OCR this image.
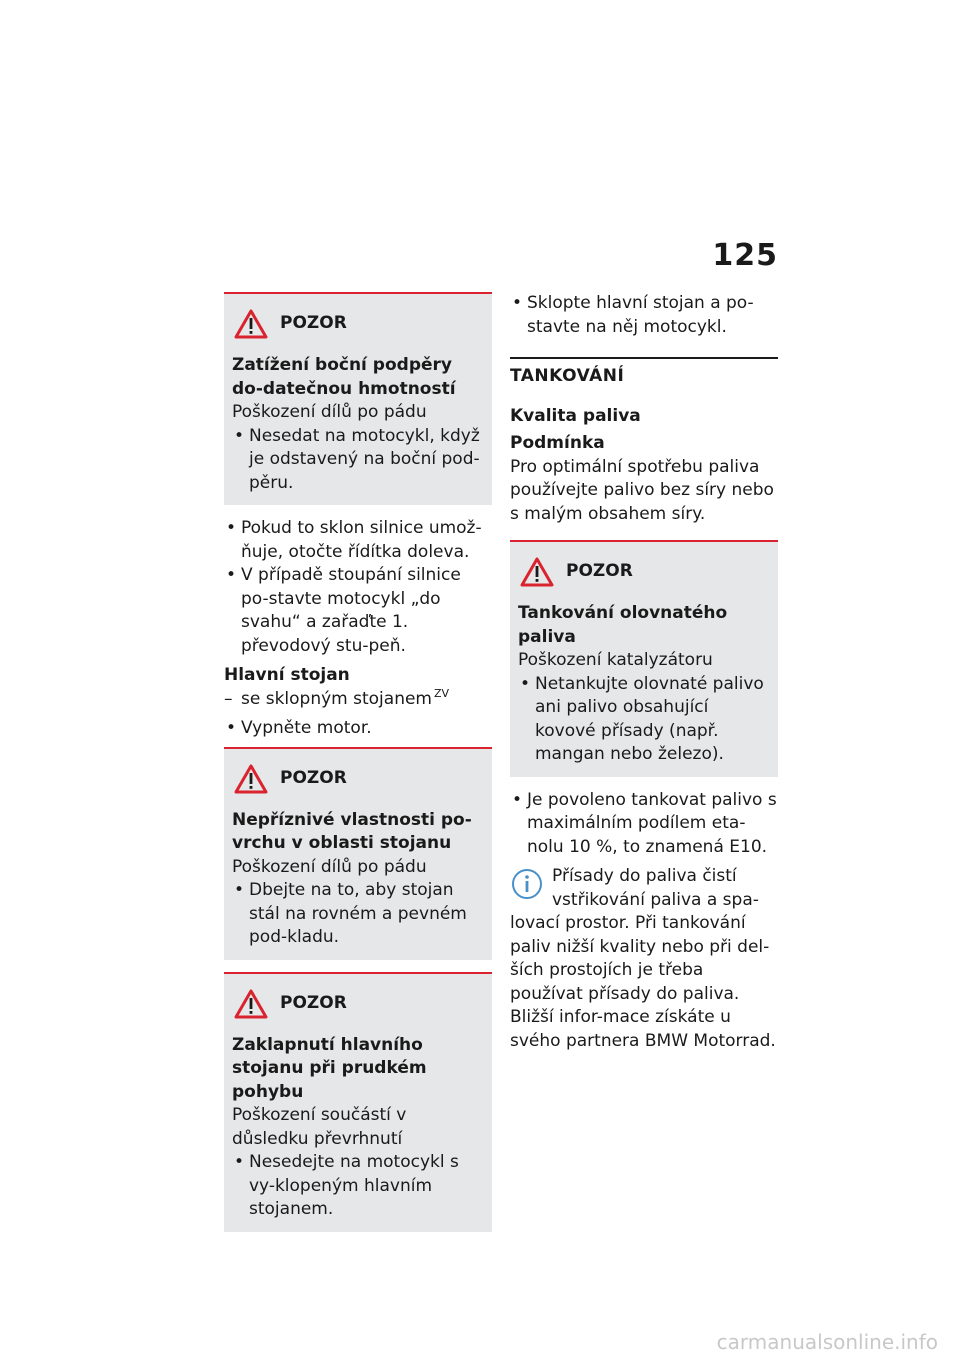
125
POZOR
Zatížení boční podpěry do-datečnou hmotností
Poškození dílů po pádu
• Nesedat na motocykl, když je odstavený na boční pod-pěru.
• Pokud to sklon silnice umož-ňuje, otočte řídítka doleva.
• V případě stoupání silnice po-stavte motocykl „do svahu“ a zařaďte 1. převodový stu-peň.
Hlavní stojan
– se sklopným stojanem $^{ZV}$
• Vypněte motor.
POZOR
Nepříznivé vlastnosti po-vrchu v oblasti stojanu
Poškození dílů po pádu
• Dbejte na to, aby stojan stál na rovném a pevném pod-kladu.
POZOR
Zaklapnutí hlavního stojanu při prudkém pohybu
Poškození součástí v důsledku převrhnutí
• Nesedejte na motocykl s vy-klopeným hlavním stojanem.
• Sklopte hlavní stojan a po-stavte na něj motocykl.
TANKOVÁNÍ
Kvalita paliva
Podmínka
Pro optimální spotřebu paliva používejte palivo bez síry nebo s malým obsahem síry.
POZOR
Tankování olovnatého paliva
Poškození katalyzátoru
• Netankujte olovnaté palivo ani palivo obsahující kovové přísady (např. mangan nebo železo).
• Je povoleno tankovat palivo s maximálním podílem eta-nolu 10 %, to znamená E10.
Přísady do paliva čistí
vstřikování paliva a spa-
lovací prostor. Při tankování paliv nižší kvality nebo při del-ších prostojích je třeba používat přísady do paliva. Bližší infor-mace získáte u svého partnera BMW Motorrad.
carmanualsonline.info
